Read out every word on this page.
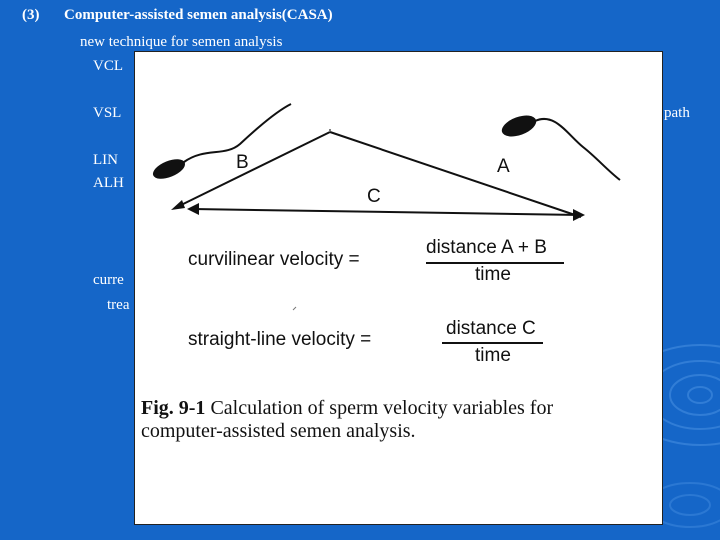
(3) Computer-assisted semen analysis(CASA)
new technique for semen analysis
VCL
VSL	path
LIN
ALH
curre
trea
B	A
C
curvilinear velocity =
distance A + B
time
straight-line velocity =
distance C
time
Fig. 9-1 Calculation of sperm velocity variables for computer-assisted semen analysis.
